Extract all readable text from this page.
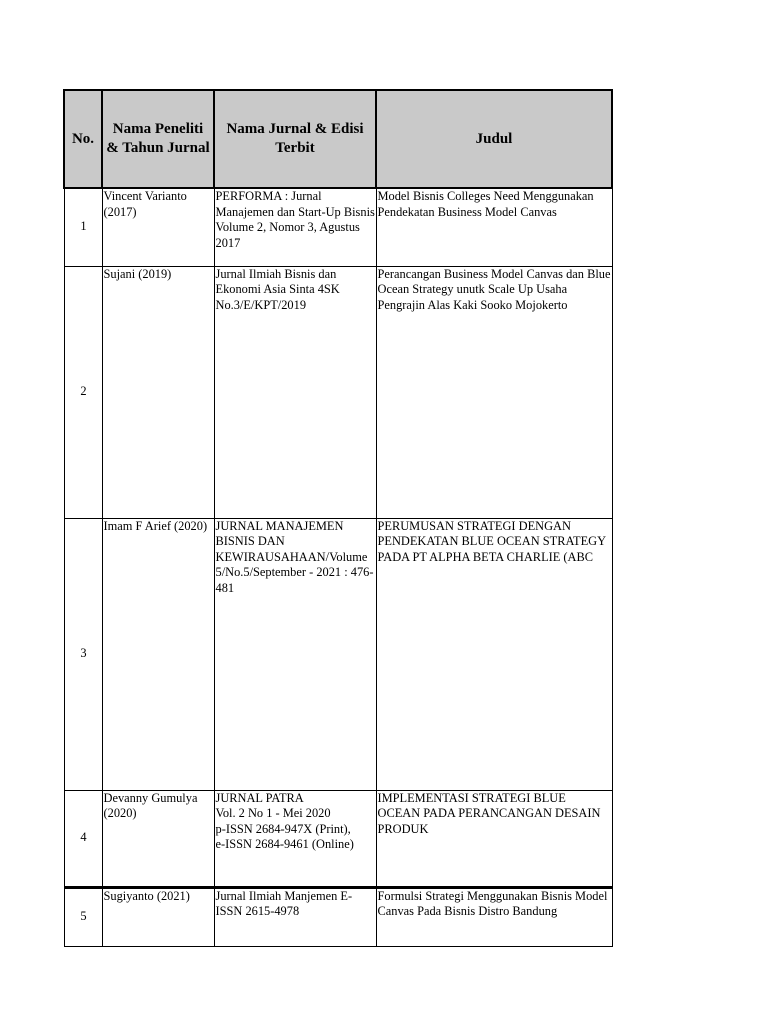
No.	Nama Peneliti & Tahun Jurnal	Nama Jurnal & Edisi Terbit	Judul
1	Vincent Varianto (2017)	PERFORMA : Jurnal Manajemen dan Start-Up Bisnis Volume 2, Nomor 3, Agustus 2017	Model Bisnis Colleges Need Menggunakan Pendekatan Business Model Canvas
2	Sujani (2019)	Jurnal Ilmiah Bisnis dan Ekonomi Asia Sinta 4SK No.3/E/KPT/2019	Perancangan Business Model Canvas dan Blue Ocean Strategy unutk Scale Up Usaha Pengrajin Alas Kaki Sooko Mojokerto
3	Imam F Arief (2020)	JURNAL MANAJEMEN BISNIS DAN KEWIRAUSAHAAN/Volume 5/No.5/September - 2021 : 476-481	PERUMUSAN STRATEGI DENGAN PENDEKATAN BLUE OCEAN STRATEGY
PADA PT ALPHA BETA CHARLIE (ABC
4	Devanny Gumulya (2020)	JURNAL PATRA
Vol. 2 No 1 - Mei 2020
p-ISSN 2684-947X (Print),
e-ISSN 2684-9461 (Online)	IMPLEMENTASI STRATEGI BLUE OCEAN PADA PERANCANGAN DESAIN PRODUK
5	Sugiyanto (2021)	Jurnal Ilmiah Manjemen E-ISSN 2615-4978	Formulsi Strategi Menggunakan Bisnis Model Canvas Pada Bisnis Distro Bandung
